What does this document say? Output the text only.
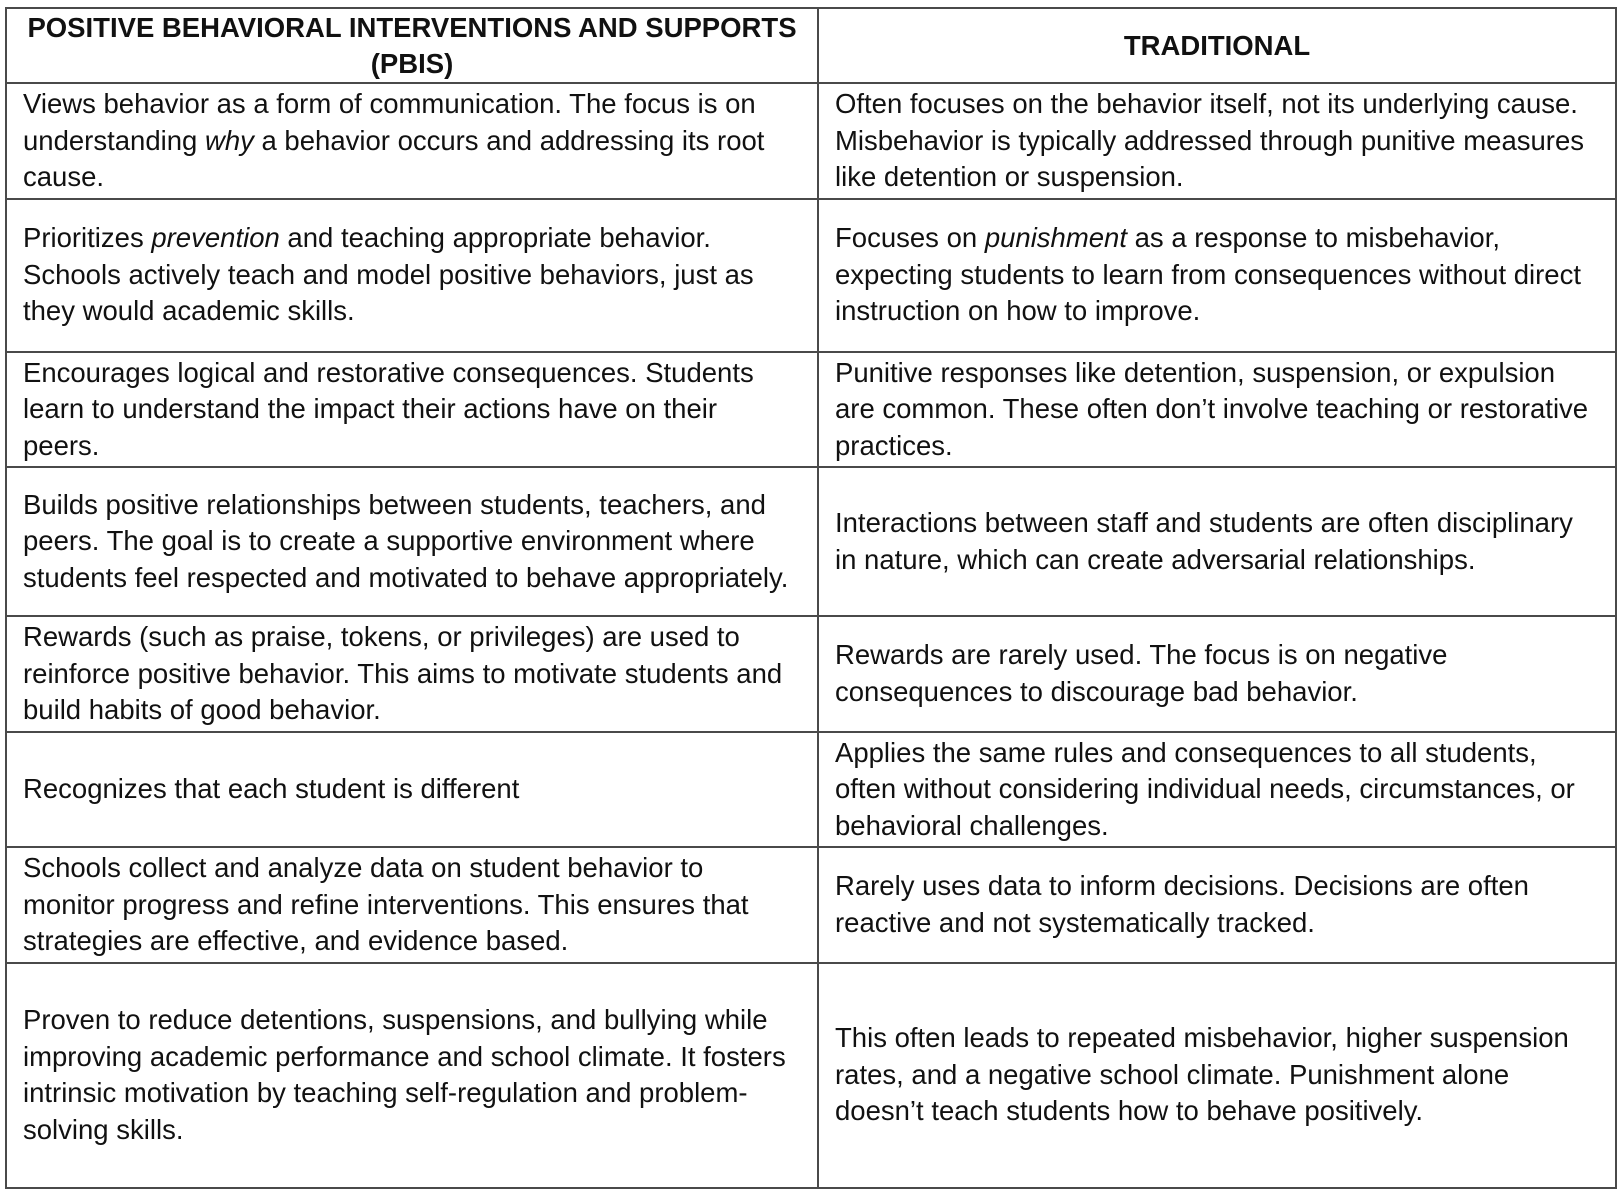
POSITIVE BEHAVIORAL INTERVENTIONS AND SUPPORTS (PBIS)	TRADITIONAL
Views behavior as a form of communication. The focus is on understanding why a behavior occurs and addressing its root cause.	Often focuses on the behavior itself, not its underlying cause. Misbehavior is typically addressed through punitive measures like detention or suspension.
Prioritizes prevention and teaching appropriate behavior. Schools actively teach and model positive behaviors, just as they would academic skills.	Focuses on punishment as a response to misbehavior, expecting students to learn from consequences without direct instruction on how to improve.
Encourages logical and restorative consequences. Students learn to understand the impact their actions have on their peers.	Punitive responses like detention, suspension, or expulsion are common. These often don’t involve teaching or restorative practices.
Builds positive relationships between students, teachers, and peers. The goal is to create a supportive environment where students feel respected and motivated to behave appropriately.	Interactions between staff and students are often disciplinary in nature, which can create adversarial relationships.
Rewards (such as praise, tokens, or privileges) are used to reinforce positive behavior. This aims to motivate students and build habits of good behavior.	Rewards are rarely used. The focus is on negative consequences to discourage bad behavior.
Recognizes that each student is different	Applies the same rules and consequences to all students, often without considering individual needs, circumstances, or behavioral challenges.
Schools collect and analyze data on student behavior to monitor progress and refine interventions. This ensures that strategies are effective, and evidence based.	Rarely uses data to inform decisions. Decisions are often reactive and not systematically tracked.
Proven to reduce detentions, suspensions, and bullying while improving academic performance and school climate. It fosters intrinsic motivation by teaching self-regulation and problem-solving skills.	This often leads to repeated misbehavior, higher suspension rates, and a negative school climate. Punishment alone doesn’t teach students how to behave positively.
